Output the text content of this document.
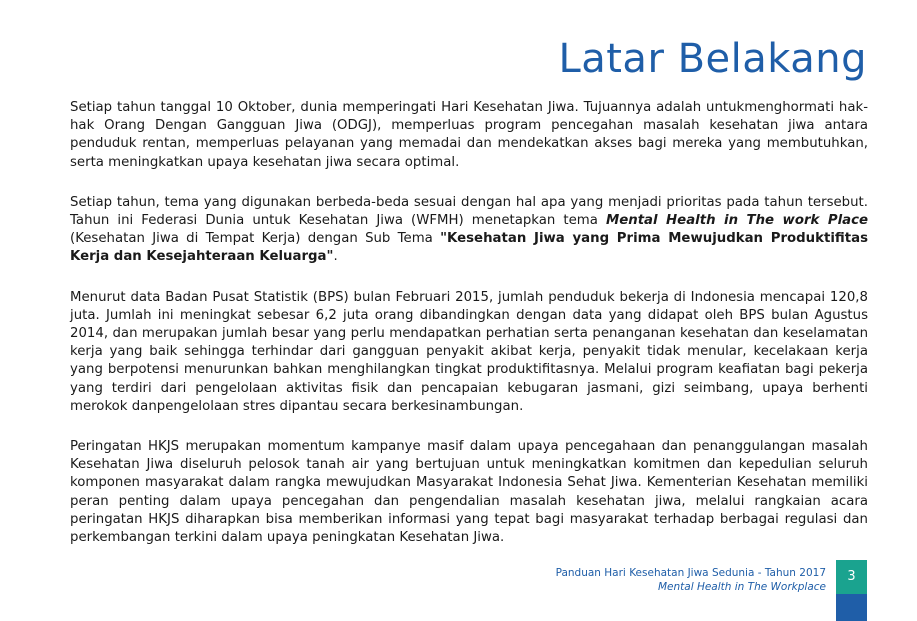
Latar Belakang

Setiap tahun tanggal 10 Oktober, dunia memperingati Hari Kesehatan Jiwa. Tujuannya adalah untukmenghormati hak-hak Orang Dengan Gangguan Jiwa (ODGJ), memperluas program pencegahan masalah kesehatan jiwa antara penduduk rentan, memperluas pelayanan yang memadai dan mendekatkan akses bagi mereka yang membutuhkan, serta meningkatkan upaya kesehatan jiwa secara optimal.

Setiap tahun, tema yang digunakan berbeda-beda sesuai dengan hal apa yang menjadi prioritas pada tahun tersebut. Tahun ini Federasi Dunia untuk Kesehatan Jiwa (WFMH) menetapkan tema Mental Health in The work Place (Kesehatan Jiwa di Tempat Kerja) dengan Sub Tema "Kesehatan Jiwa yang Prima Mewujudkan Produktifitas Kerja dan Kesejahteraan Keluarga".

Menurut data Badan Pusat Statistik (BPS) bulan Februari 2015, jumlah penduduk bekerja di Indonesia mencapai 120,8 juta. Jumlah ini meningkat sebesar 6,2 juta orang dibandingkan dengan data yang didapat oleh BPS bulan Agustus 2014, dan merupakan jumlah besar yang perlu mendapatkan perhatian serta penanganan kesehatan dan keselamatan kerja yang baik sehingga terhindar dari gangguan penyakit akibat kerja, penyakit tidak menular, kecelakaan kerja yang berpotensi menurunkan bahkan menghilangkan tingkat produktifitasnya. Melalui program keafiatan bagi pekerja yang terdiri dari pengelolaan aktivitas fisik dan pencapaian kebugaran jasmani, gizi seimbang, upaya berhenti merokok danpengelolaan stres dipantau secara berkesinambungan.

Peringatan HKJS merupakan momentum kampanye masif dalam upaya pencegahaan dan penanggulangan masalah Kesehatan Jiwa diseluruh pelosok tanah air yang bertujuan untuk meningkatkan komitmen dan kepedulian seluruh komponen masyarakat dalam rangka mewujudkan Masyarakat Indonesia Sehat Jiwa. Kementerian Kesehatan memiliki peran penting dalam upaya pencegahan dan pengendalian masalah kesehatan jiwa, melalui rangkaian acara peringatan HKJS diharapkan bisa memberikan informasi yang tepat bagi masyarakat terhadap berbagai regulasi dan perkembangan terkini dalam upaya peningkatan Kesehatan Jiwa.

Panduan Hari Kesehatan Jiwa Sedunia - Tahun 2017
Mental Health in The Workplace
3
